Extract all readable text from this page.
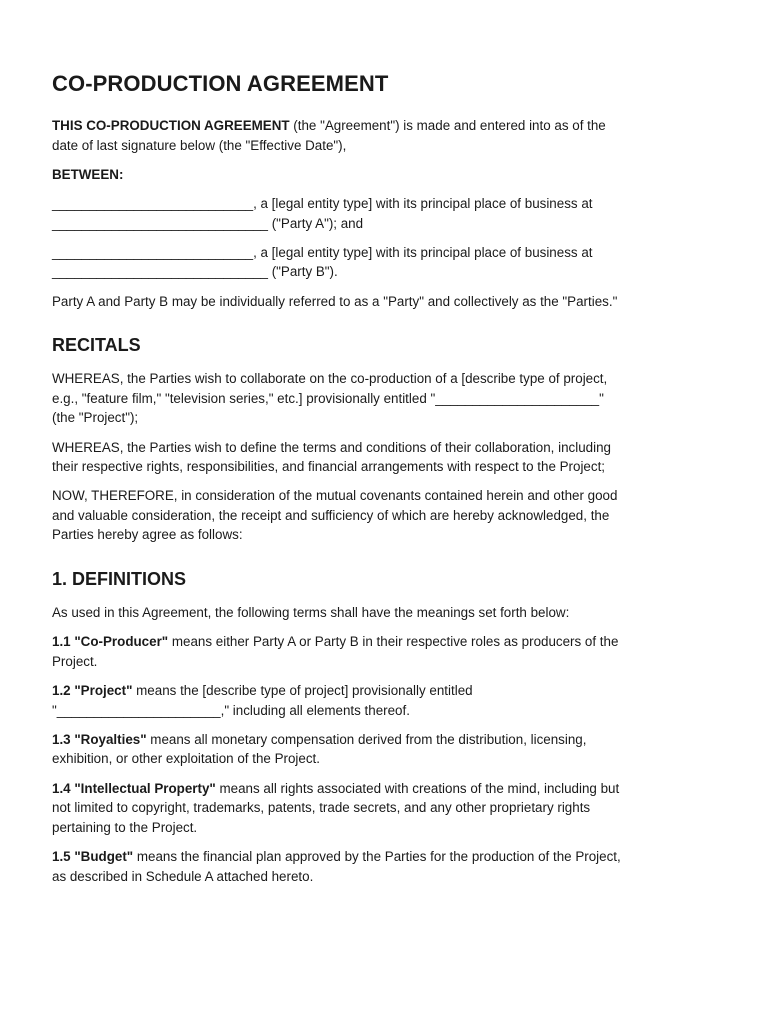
CO-PRODUCTION AGREEMENT

THIS CO-PRODUCTION AGREEMENT (the "Agreement") is made and entered into as of the
date of last signature below (the "Effective Date"),

BETWEEN:

___________________________, a [legal entity type] with its principal place of business at
_____________________________ ("Party A"); and

___________________________, a [legal entity type] with its principal place of business at
_____________________________ ("Party B").

Party A and Party B may be individually referred to as a "Party" and collectively as the "Parties."

RECITALS

WHEREAS, the Parties wish to collaborate on the co-production of a [describe type of project,
e.g., "feature film," "television series," etc.] provisionally entitled "______________________"
(the "Project");

WHEREAS, the Parties wish to define the terms and conditions of their collaboration, including
their respective rights, responsibilities, and financial arrangements with respect to the Project;

NOW, THEREFORE, in consideration of the mutual covenants contained herein and other good
and valuable consideration, the receipt and sufficiency of which are hereby acknowledged, the
Parties hereby agree as follows:

1. DEFINITIONS

As used in this Agreement, the following terms shall have the meanings set forth below:

1.1 "Co-Producer" means either Party A or Party B in their respective roles as producers of the
Project.

1.2 "Project" means the [describe type of project] provisionally entitled
"______________________," including all elements thereof.

1.3 "Royalties" means all monetary compensation derived from the distribution, licensing,
exhibition, or other exploitation of the Project.

1.4 "Intellectual Property" means all rights associated with creations of the mind, including but
not limited to copyright, trademarks, patents, trade secrets, and any other proprietary rights
pertaining to the Project.

1.5 "Budget" means the financial plan approved by the Parties for the production of the Project,
as described in Schedule A attached hereto.
